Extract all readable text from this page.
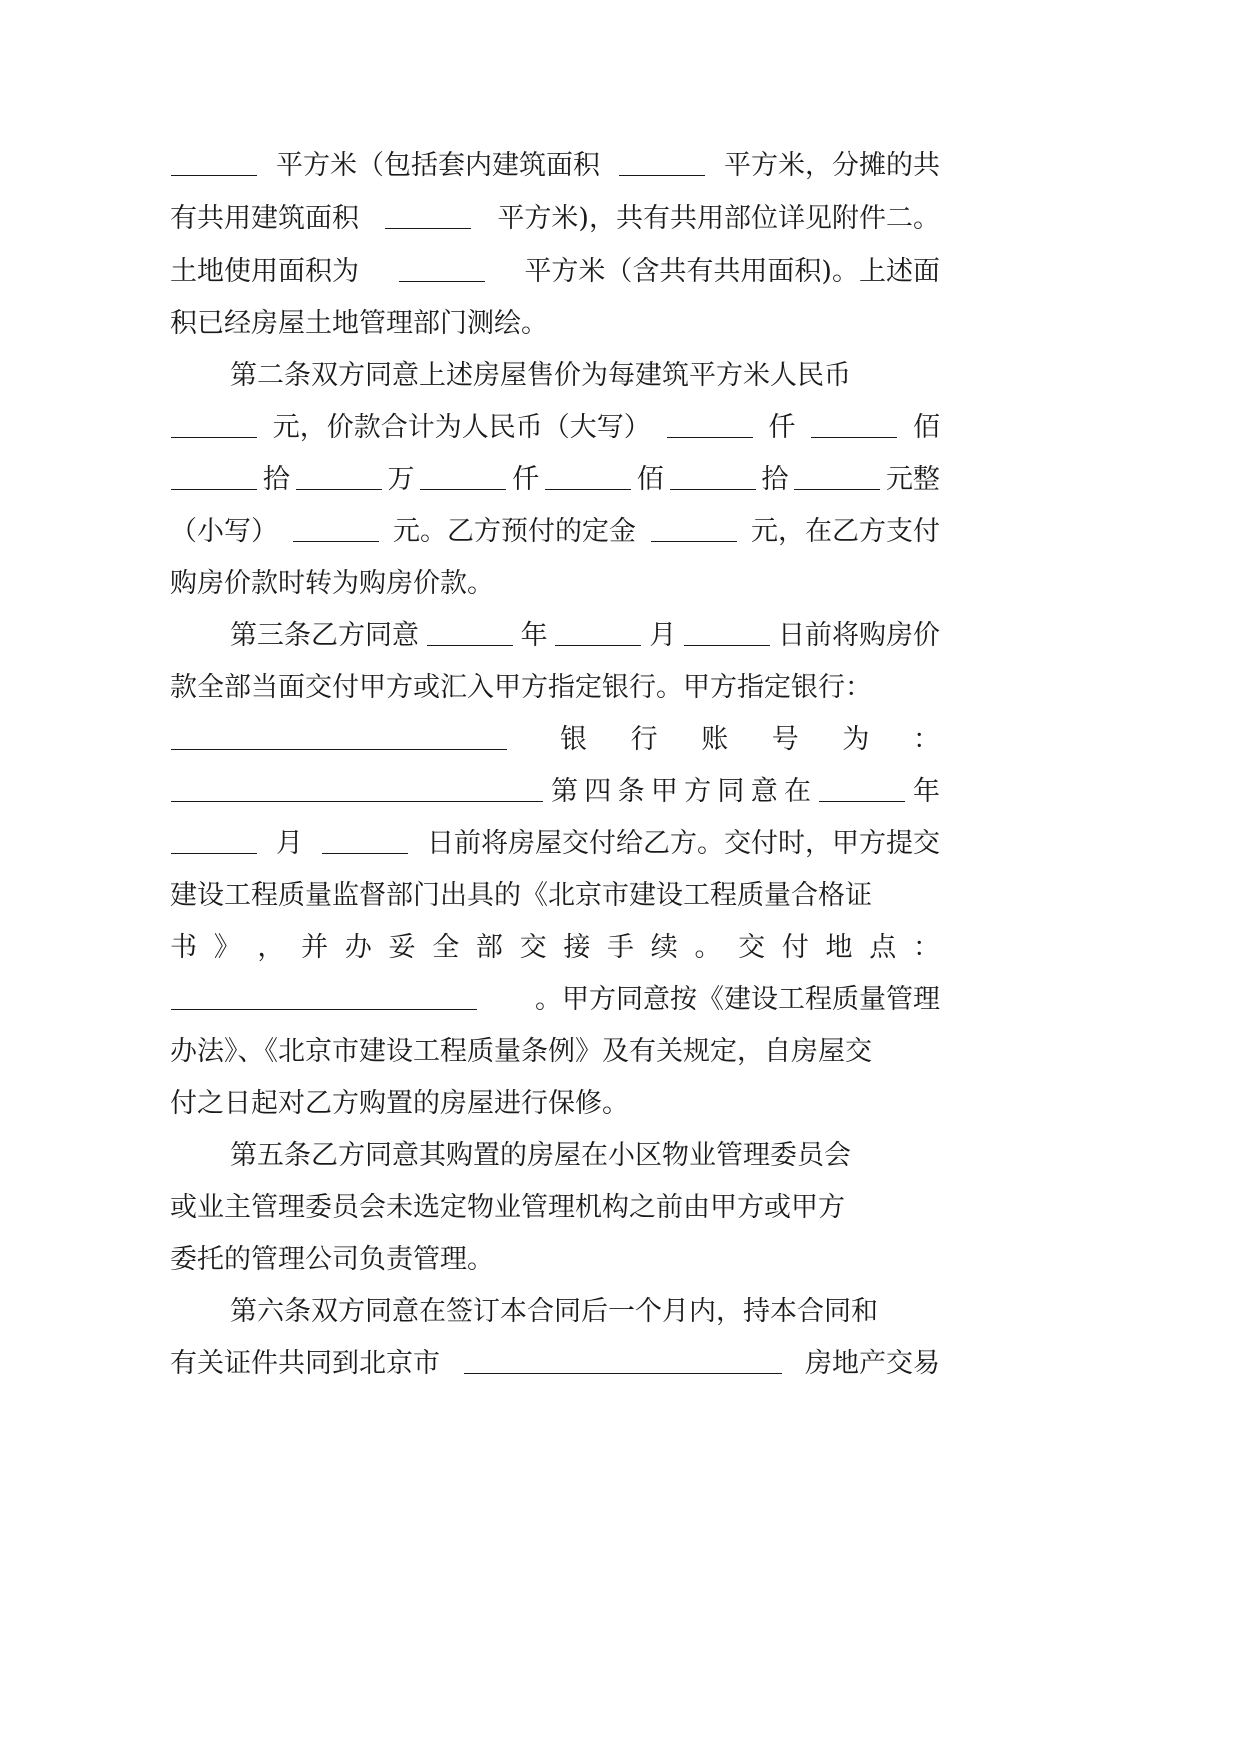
平方米（包括套内建筑面积	平方米，分摊的共
有共用建筑面积	平方米)，共有共用部位详见附件二。
土地使用面积为	平方米（含共有共用面积)。上述面
积已经房屋土地管理部门测绘。
第二条双方同意上述房屋售价为每建筑平方米人民币
元，价款合计为人民币（大写）	仟	佰
拾	万	仟	佰	拾	元整
（小写）	元。乙方预付的定金	元，在乙方支付
购房价款时转为购房价款。
第三条乙方同意	年	月	日前将购房价
款全部当面交付甲方或汇入甲方指定银行。甲方指定银行：
银 行 账 号 为 ：
第 四 条 甲 方 同 意 在	年
月	日前将房屋交付给乙方。交付时，甲方提交
建设工程质量监督部门出具的《北京市建设工程质量合格证
书 》 ， 并 办 妥 全 部 交 接 手 续 。 交 付 地 点 ：
。甲方同意按《建设工程质量管理
办法》、《北京市建设工程质量条例》及有关规定，自房屋交
付之日起对乙方购置的房屋进行保修。
第五条乙方同意其购置的房屋在小区物业管理委员会
或业主管理委员会未选定物业管理机构之前由甲方或甲方
委托的管理公司负责管理。
第六条双方同意在签订本合同后一个月内，持本合同和
有关证件共同到北京市	房地产交易
